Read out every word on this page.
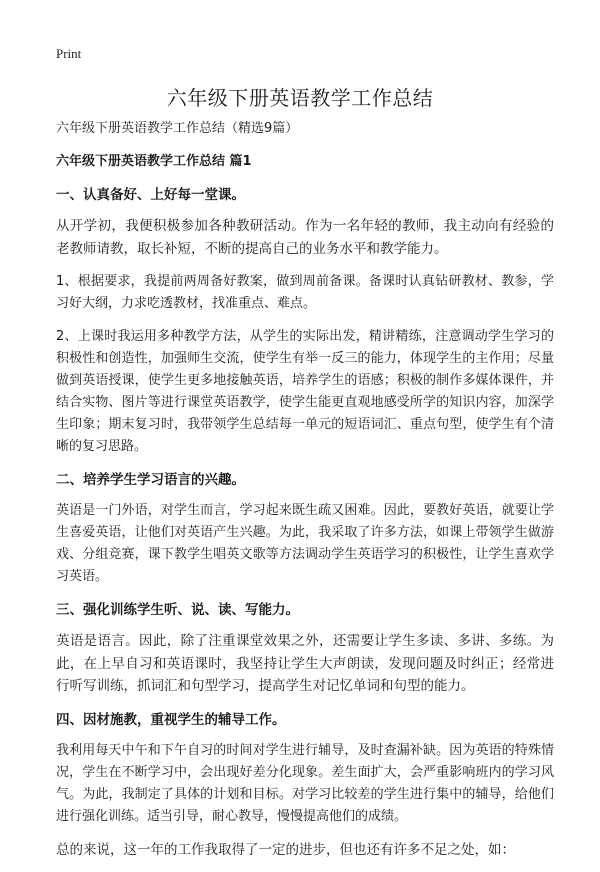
Print
六年级下册英语教学工作总结

六年级下册英语教学工作总结（精选9篇）

六年级下册英语教学工作总结 篇1

一、认真备好、上好每一堂课。

从开学初，我便积极参加各种教研活动。作为一名年轻的教师，我主动向有经验的老教师请教，取长补短，不断的提高自己的业务水平和教学能力。

1、根据要求，我提前两周备好教案，做到周前备课。备课时认真钻研教材、教参，学习好大纲，力求吃透教材，找准重点、难点。

2、上课时我运用多种教学方法，从学生的实际出发，精讲精练，注意调动学生学习的积极性和创造性，加强师生交流，使学生有举一反三的能力，体现学生的主作用；尽量做到英语授课，使学生更多地接触英语，培养学生的语感；积极的制作多媒体课件，并结合实物、图片等进行课堂英语教学，使学生能更直观地感受所学的知识内容，加深学生印象；期末复习时，我带领学生总结每一单元的短语词汇、重点句型，使学生有个清晰的复习思路。

二、培养学生学习语言的兴趣。

英语是一门外语，对学生而言，学习起来既生疏又困难。因此，要教好英语，就要让学生喜爱英语，让他们对英语产生兴趣。为此，我采取了许多方法，如课上带领学生做游戏、分组竞赛，课下教学生唱英文歌等方法调动学生英语学习的积极性，让学生喜欢学习英语。

三、强化训练学生听、说、读、写能力。

英语是语言。因此，除了注重课堂效果之外，还需要让学生多读、多讲、多练。为此，在上早自习和英语课时，我坚持让学生大声朗读，发现问题及时纠正；经常进行听写训练，抓词汇和句型学习，提高学生对记忆单词和句型的能力。

四、因材施教，重视学生的辅导工作。

我利用每天中午和下午自习的时间对学生进行辅导，及时查漏补缺。因为英语的特殊情况，学生在不断学习中，会出现好差分化现象。差生面扩大，会严重影响班内的学习风气。为此，我制定了具体的计划和目标。对学习比较差的学生进行集中的辅导，给他们进行强化训练。适当引导，耐心教导，慢慢提高他们的成绩。

总的来说，这一年的工作我取得了一定的进步，但也还有许多不足之处，如：
